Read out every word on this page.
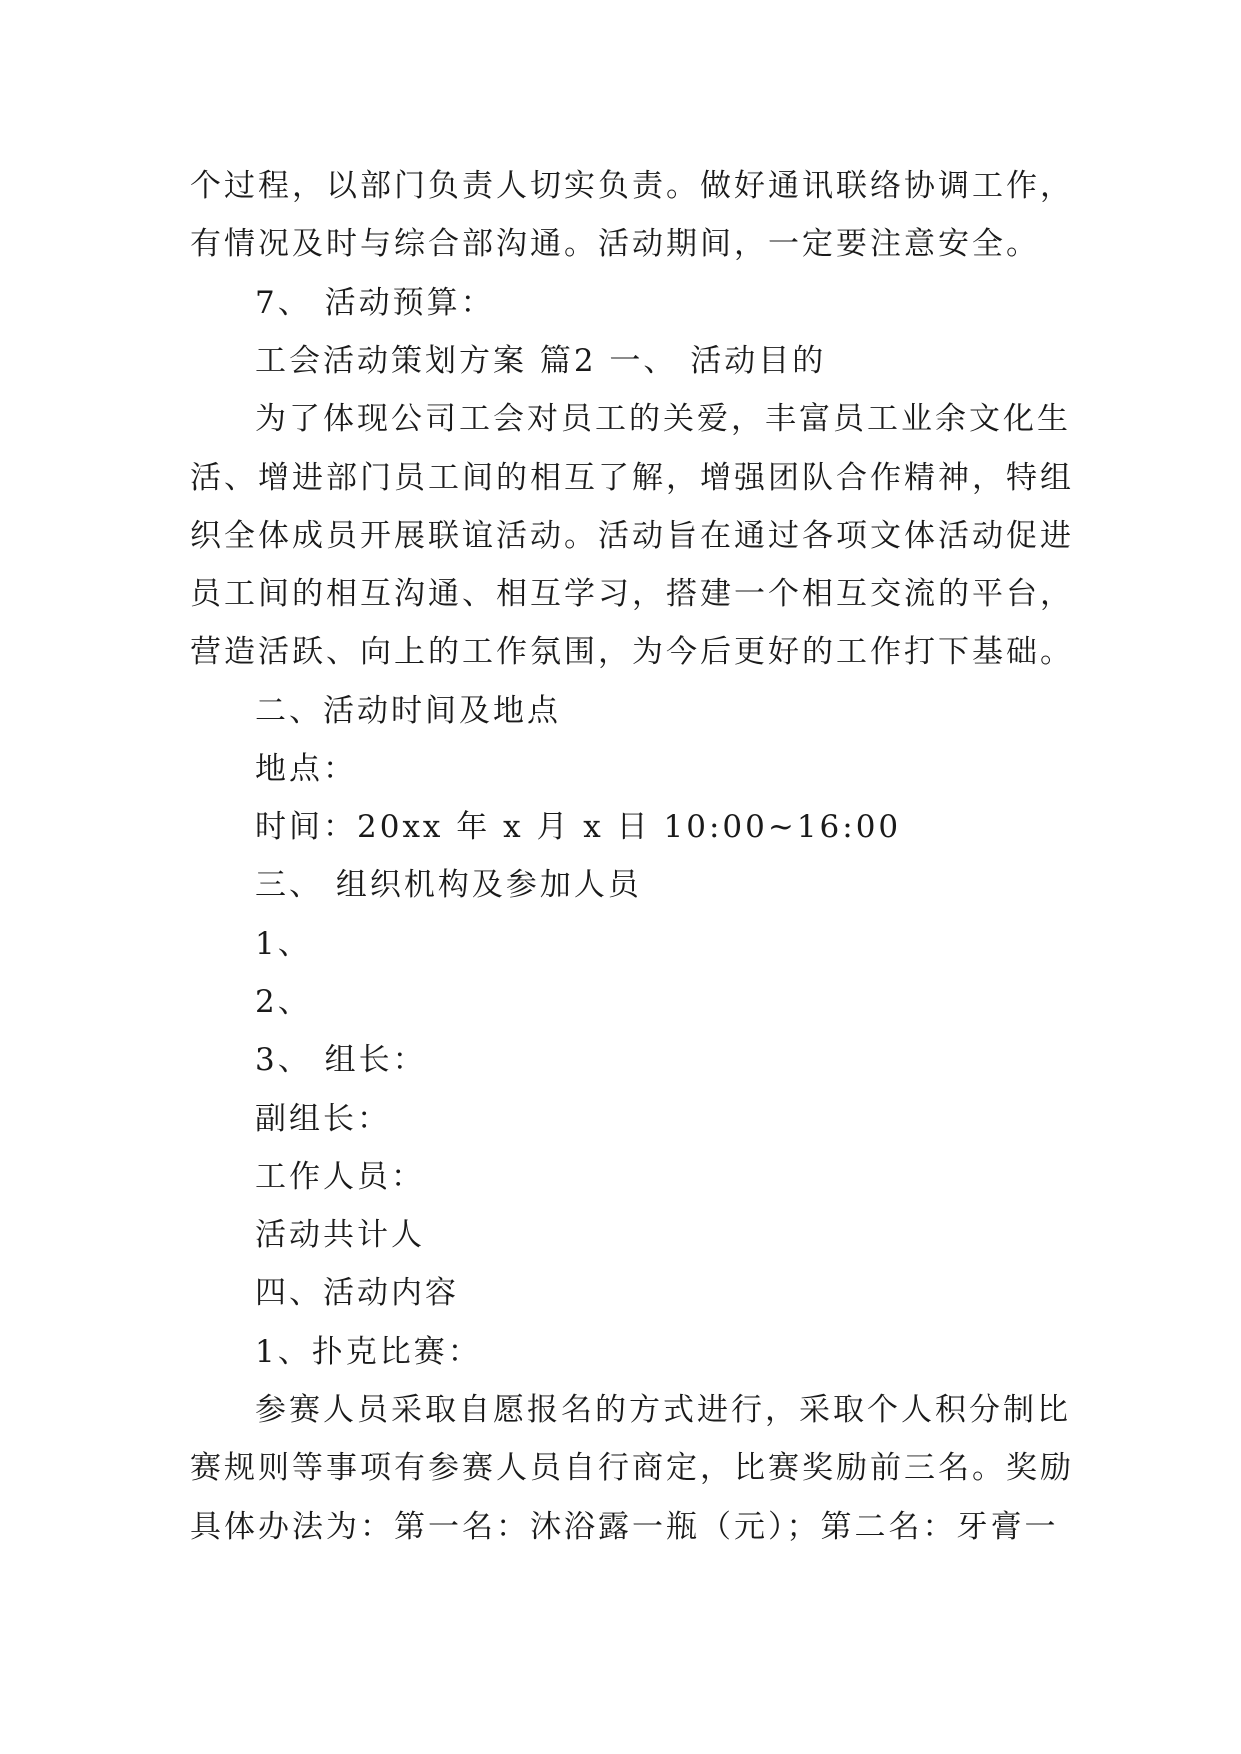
个过程，以部门负责人切实负责。做好通讯联络协调工作，
有情况及时与综合部沟通。活动期间，一定要注意安全。
7、 活动预算：
工会活动策划方案 篇2 一、 活动目的
为了体现公司工会对员工的关爱，丰富员工业余文化生
活、增进部门员工间的相互了解，增强团队合作精神，特组
织全体成员开展联谊活动。活动旨在通过各项文体活动促进
员工间的相互沟通、相互学习，搭建一个相互交流的平台，
营造活跃、向上的工作氛围，为今后更好的工作打下基础。
二、活动时间及地点
地点：
时间：20xx 年 x 月 x 日 10:00~16:00
三、 组织机构及参加人员
1、
2、
3、 组长：
副组长：
工作人员：
活动共计人
四、活动内容
1、扑克比赛：
参赛人员采取自愿报名的方式进行，采取个人积分制比
赛规则等事项有参赛人员自行商定，比赛奖励前三名。奖励
具体办法为：第一名：沐浴露一瓶（元）；第二名：牙膏一
